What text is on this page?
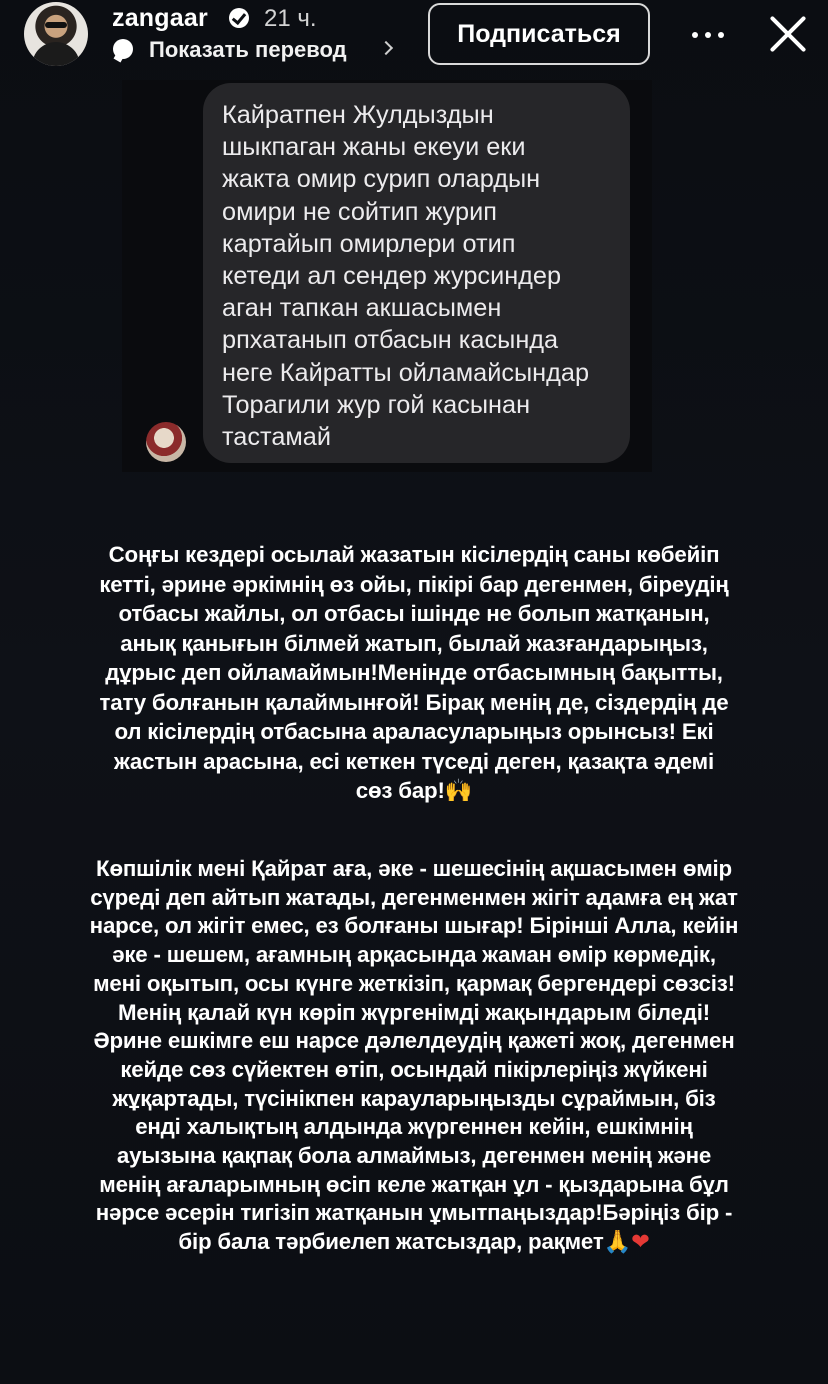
zangaar 21 ч.
Показать перевод
Подписаться
Кайратпен Жулдыздын
шыкпаган жаны екеуи еки
жакта омир сурип олардын
омири не сойтип журип
картайып омирлери отип
кетеди ал сендер журсиндер
аган тапкан акшасымен
рпхатанып отбасын касында
неге Кайратты ойламайсындар
Торагили жур гой касынан
тастамай
Соңғы кездері осылай жазатын кісілердің саны көбейіп
кетті, әрине әркімнің өз ойы, пікірі бар дегенмен, біреудің
отбасы жайлы, ол отбасы ішінде не болып жатқанын,
анық қанығын білмей жатып, былай жазғандарыңыз,
дұрыс деп ойламаймын!Менінде отбасымның бақытты,
тату болғанын қалаймынғой! Бірақ менің де, сіздердің де
ол кісілердің отбасына араласуларыңыз орынсыз! Екі
жастын арасына, есі кеткен түседі деген, қазақта әдемі
сөз бар!🙌
Көпшілік мені Қайрат аға, әке - шешесінің ақшасымен өмір
сүреді деп айтып жатады, дегенменмен жігіт адамға ең жат
нарсе, ол жігіт емес, ез болғаны шығар! Бірінші Алла, кейін
әке - шешем, ағамның арқасында жаман өмір көрмедік,
мені оқытып, осы күнге жеткізіп, қармақ бергендері сөзсіз!
Менің қалай күн көріп жүргенімді жақындарым біледі!
Әрине ешкімге еш нарсе дәлелдеудің қажеті жоқ, дегенмен
кейде сөз сүйектен өтіп, осындай пікірлеріңіз жүйкені
жұқартады, түсінікпен карауларыңызды сұраймын, біз
енді халықтың алдында жүргеннен кейін, ешкімнің
ауызына қақпақ бола алмаймыз, дегенмен менің және
менің ағаларымның өсіп келе жатқан ұл - қыздарына бұл
нәрсе әсерін тигізіп жатқанын ұмытпаңыздар!Бәріңіз бір -
бір бала тәрбиелеп жатсыздар, рақмет🙏❤
